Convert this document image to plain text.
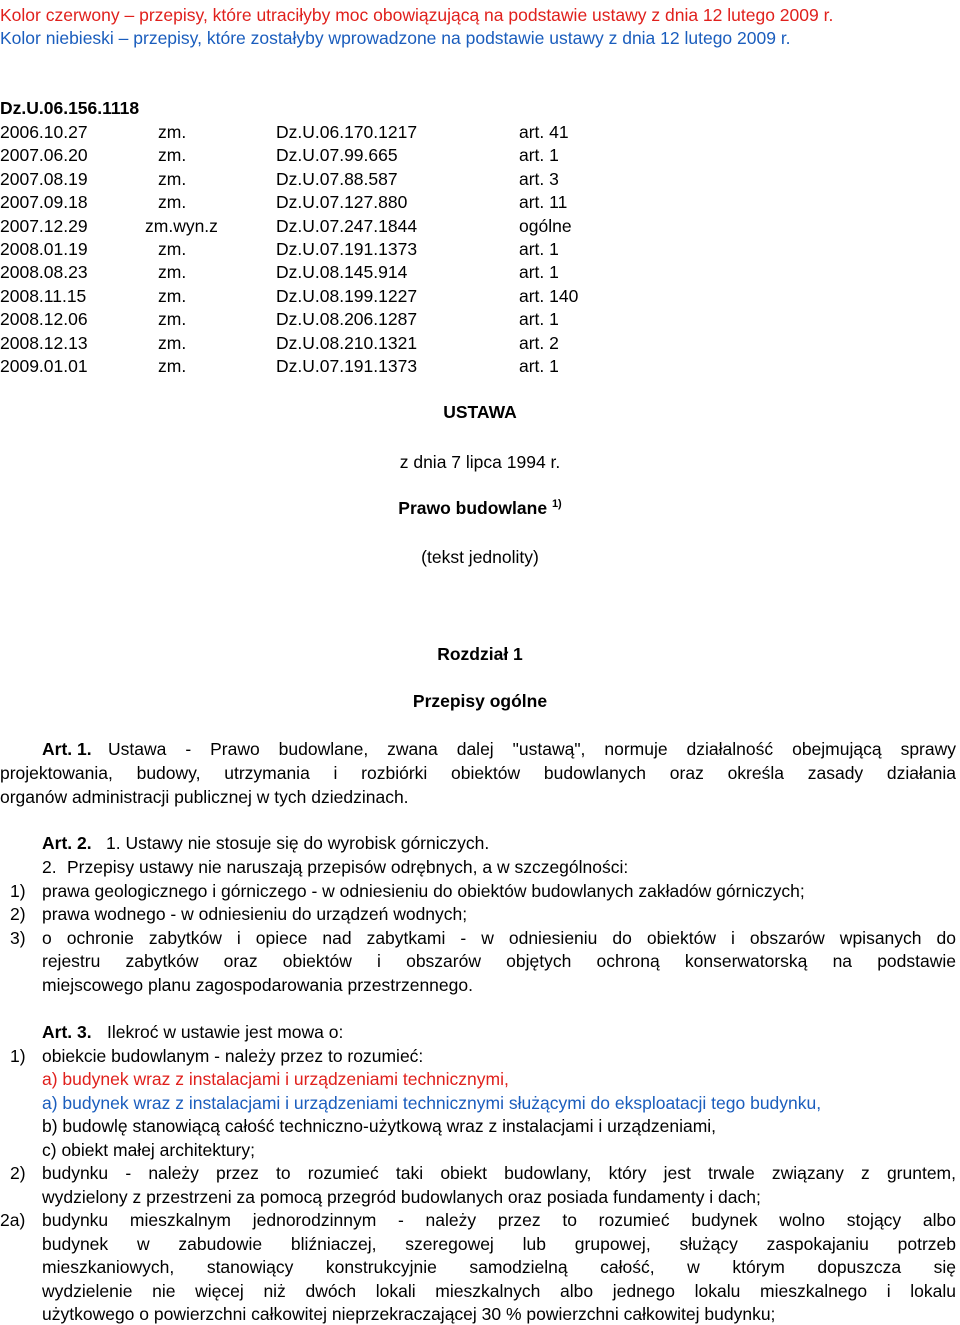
Kolor czerwony – przepisy, które utraciłyby moc obowiązującą na podstawie ustawy z dnia 12 lutego 2009 r.
Kolor niebieski – przepisy, które zostałyby wprowadzone na podstawie ustawy z dnia 12 lutego 2009 r.
Dz.U.06.156.1118
2006.10.27	zm.	Dz.U.06.170.1217	art. 41
2007.06.20	zm.	Dz.U.07.99.665	art. 1
2007.08.19	zm.	Dz.U.07.88.587	art. 3
2007.09.18	zm.	Dz.U.07.127.880	art. 11
2007.12.29	zm.wyn.z	Dz.U.07.247.1844	ogólne
2008.01.19	zm.	Dz.U.07.191.1373	art. 1
2008.08.23	zm.	Dz.U.08.145.914	art. 1
2008.11.15	zm.	Dz.U.08.199.1227	art. 140
2008.12.06	zm.	Dz.U.08.206.1287	art. 1
2008.12.13	zm.	Dz.U.08.210.1321	art. 2
2009.01.01	zm.	Dz.U.07.191.1373	art. 1
USTAWA
z dnia 7 lipca 1994 r.
Prawo budowlane $^{1)}$
(tekst jednolity)
Rozdział 1
Przepisy ogólne
Art. 1. Ustawa - Prawo budowlane, zwana dalej "ustawą", normuje działalność obejmującą sprawy
projektowania, budowy, utrzymania i rozbiórki obiektów budowlanych oraz określa zasady działania
organów administracji publicznej w tych dziedzinach.
Art. 2. 1. Ustawy nie stosuje się do wyrobisk górniczych.
2. Przepisy ustawy nie naruszają przepisów odrębnych, a w szczególności:
1) prawa geologicznego i górniczego - w odniesieniu do obiektów budowlanych zakładów górniczych;
2) prawa wodnego - w odniesieniu do urządzeń wodnych;
3) o ochronie zabytków i opiece nad zabytkami - w odniesieniu do obiektów i obszarów wpisanych do
rejestru zabytków oraz obiektów i obszarów objętych ochroną konserwatorską na podstawie
miejscowego planu zagospodarowania przestrzennego.
Art. 3. Ilekroć w ustawie jest mowa o:
1) obiekcie budowlanym - należy przez to rozumieć:
a) budynek wraz z instalacjami i urządzeniami technicznymi,
a) budynek wraz z instalacjami i urządzeniami technicznymi służącymi do eksploatacji tego budynku,
b) budowlę stanowiącą całość techniczno-użytkową wraz z instalacjami i urządzeniami,
c) obiekt małej architektury;
2) budynku - należy przez to rozumieć taki obiekt budowlany, który jest trwale związany z gruntem,
wydzielony z przestrzeni za pomocą przegród budowlanych oraz posiada fundamenty i dach;
2a) budynku mieszkalnym jednorodzinnym - należy przez to rozumieć budynek wolno stojący albo
budynek w zabudowie bliźniaczej, szeregowej lub grupowej, służący zaspokajaniu potrzeb
mieszkaniowych, stanowiący konstrukcyjnie samodzielną całość, w którym dopuszcza się
wydzielenie nie więcej niż dwóch lokali mieszkalnych albo jednego lokalu mieszkalnego i lokalu
użytkowego o powierzchni całkowitej nieprzekraczającej 30 % powierzchni całkowitej budynku;
